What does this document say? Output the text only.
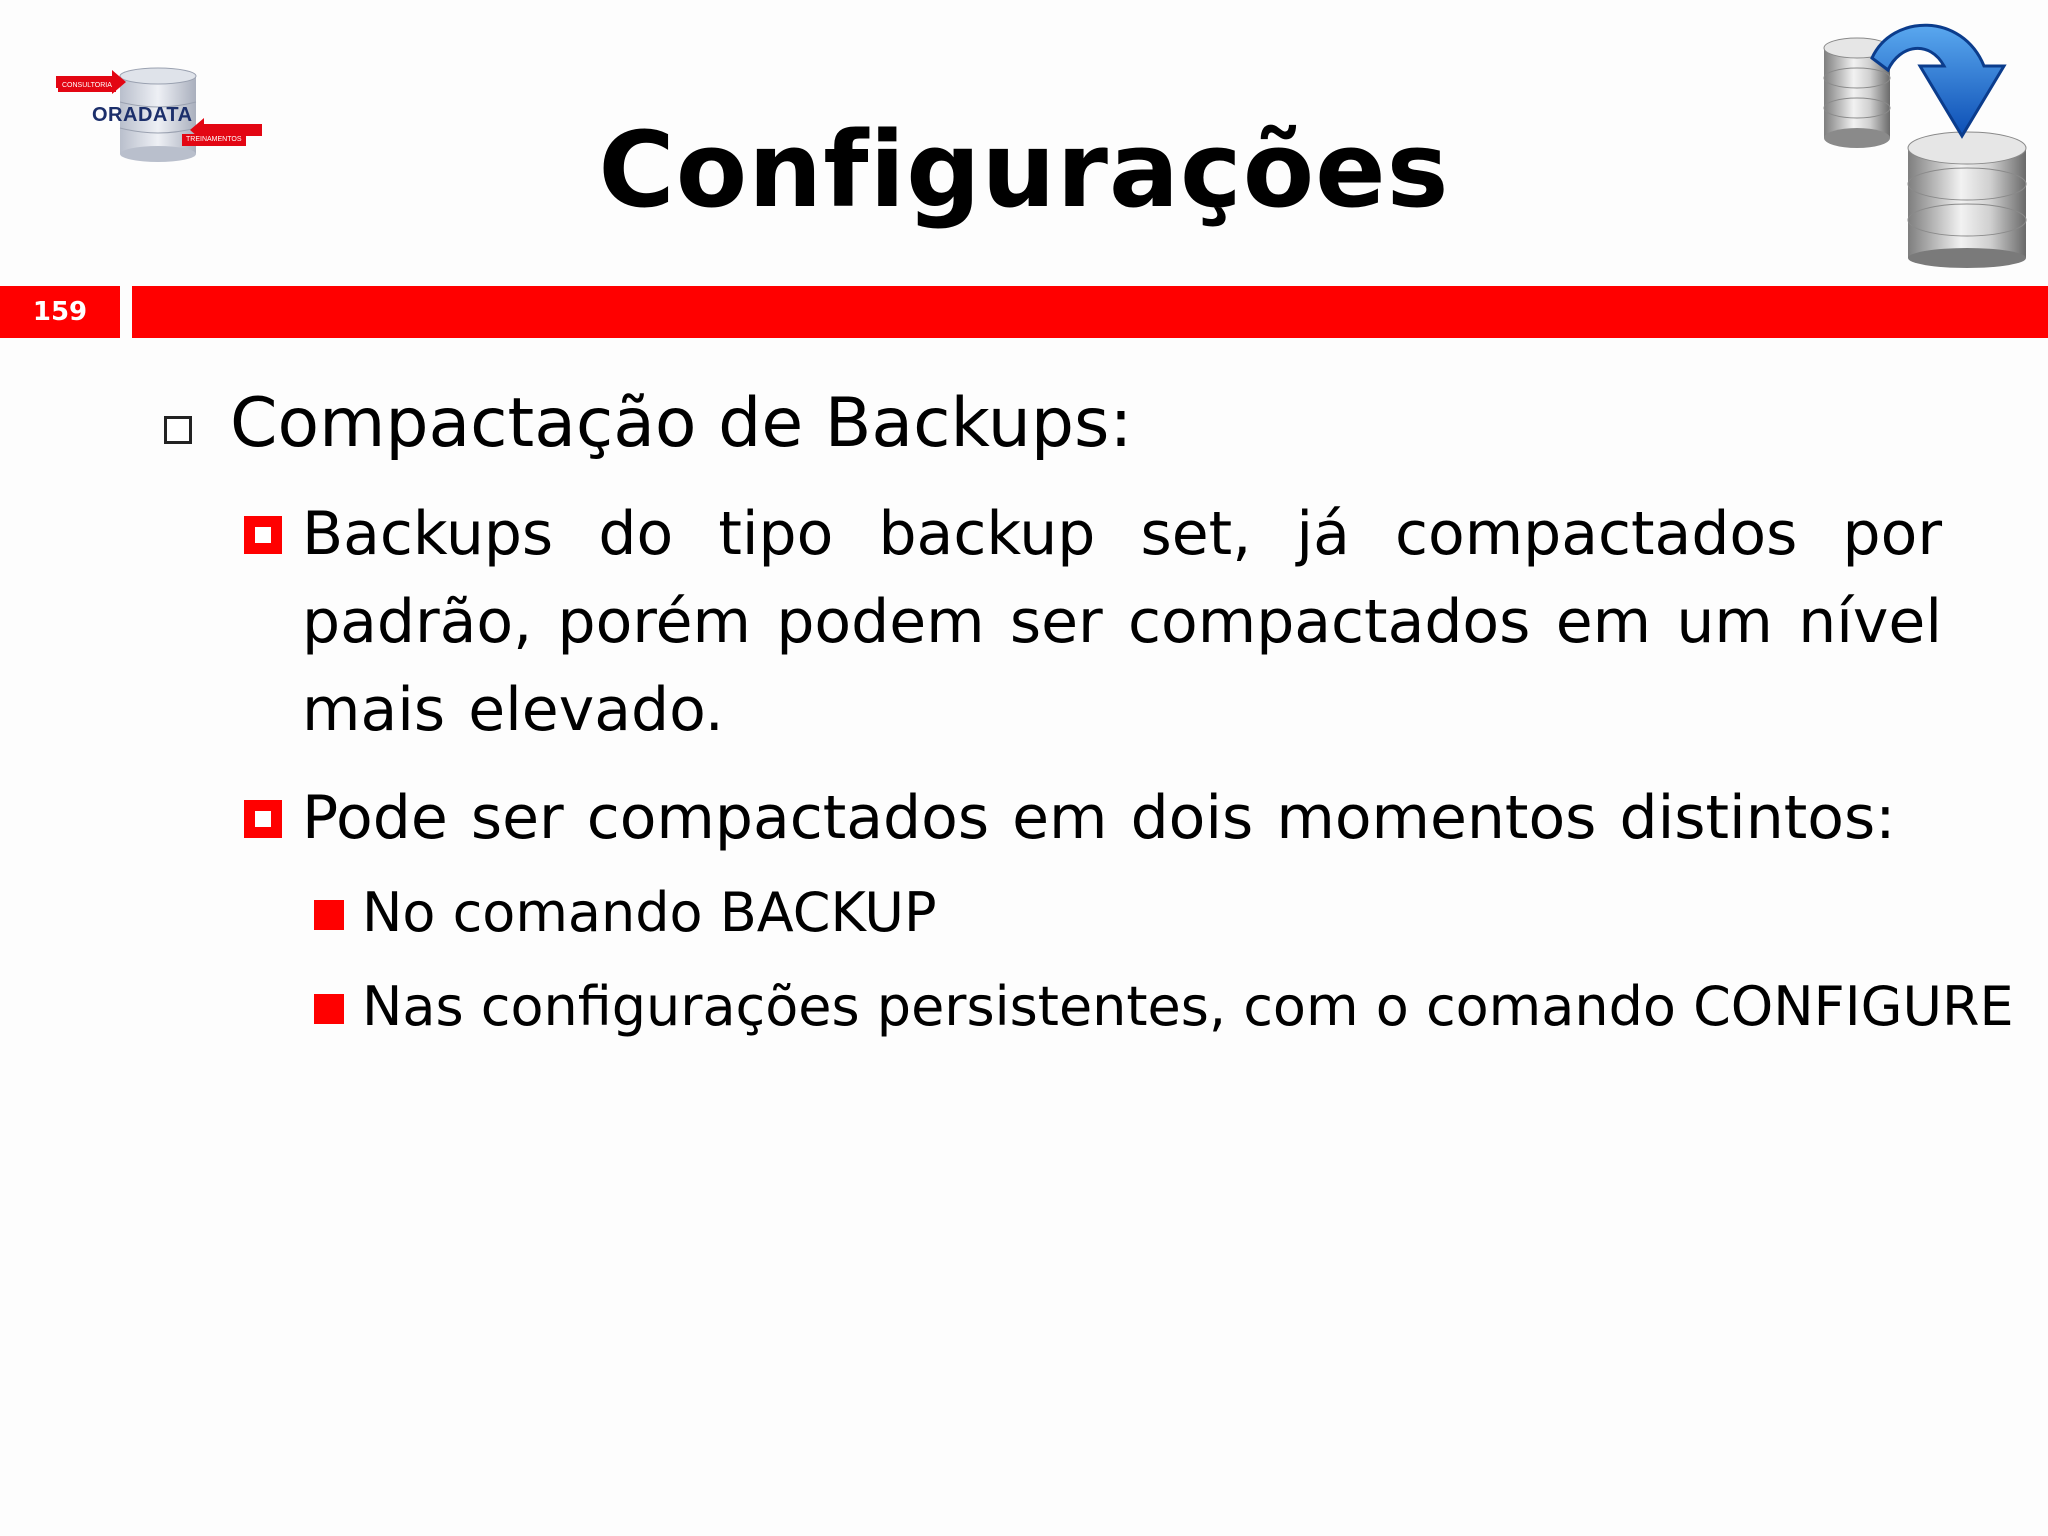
CONSULTORIA
ORADATA
TREINAMENTOS	Configurações
159
Compactação de Backups:
Backups do tipo backup set, já compactados por padrão, porém podem ser compactados em um nível mais elevado.
Pode ser compactados em dois momentos distintos:
No comando BACKUP
Nas configurações persistentes, com o comando CONFIGURE
